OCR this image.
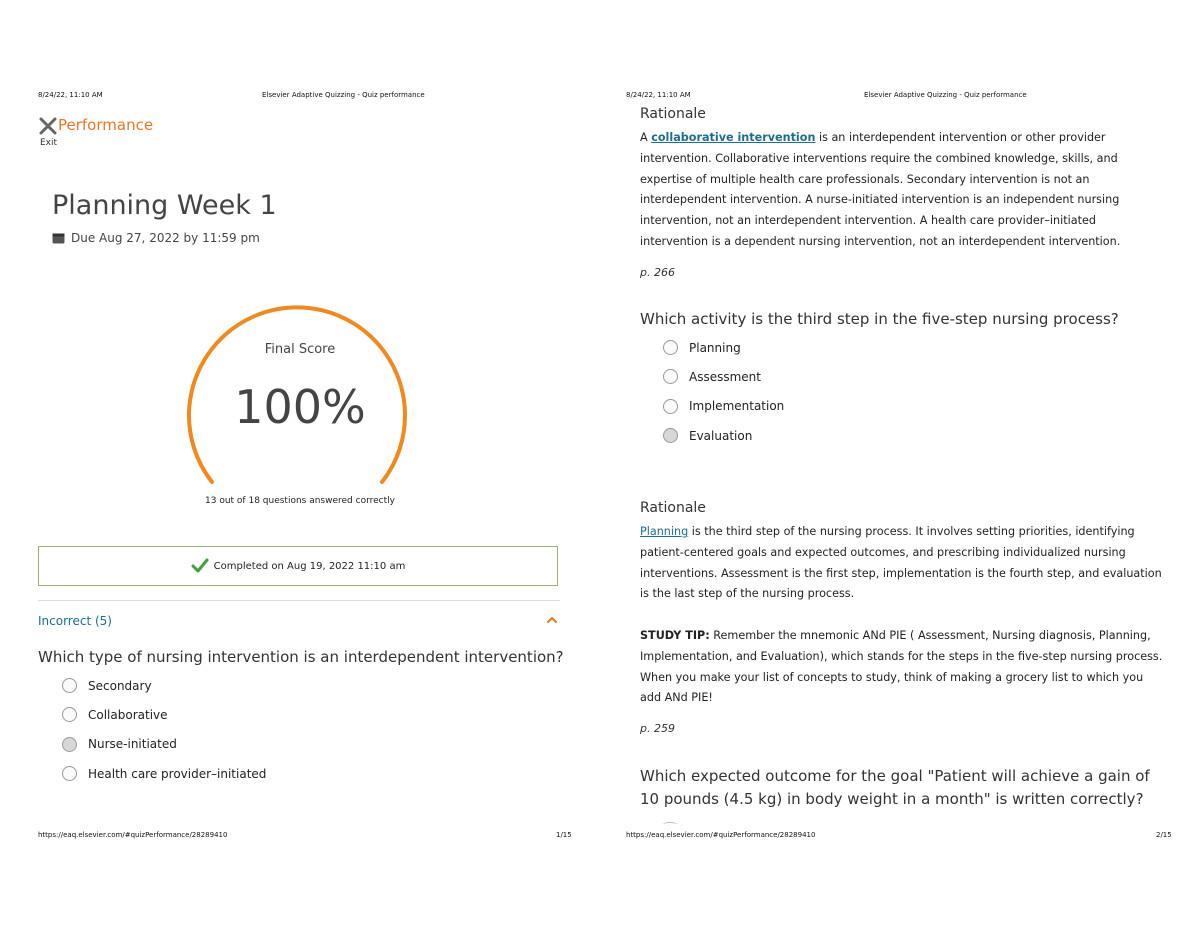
8/24/22, 11:10 AM	Elsevier Adaptive Quizzing - Quiz performance
Performance
Exit
Planning Week 1
Due Aug 27, 2022 by 11:59 pm
Final Score
100%
13 out of 18 questions answered correctly
Completed on Aug 19, 2022 11:10 am
Incorrect (5)
Which type of nursing intervention is an interdependent intervention?
Secondary
Collaborative
Nurse-initiated
Health care provider–initiated
https://eaq.elsevier.com/#quizPerformance/28289410	1/15
8/24/22, 11:10 AM	Elsevier Adaptive Quizzing - Quiz performance
Rationale

A collaborative intervention is an interdependent intervention or other provider intervention. Collaborative interventions require the combined knowledge, skills, and expertise of multiple health care professionals. Secondary intervention is not an interdependent intervention. A nurse-initiated intervention is an independent nursing intervention, not an interdependent intervention. A health care provider–initiated intervention is a dependent nursing intervention, not an interdependent intervention.

p. 266
Which activity is the third step in the five-step nursing process?
Planning
Assessment
Implementation
Evaluation
Rationale

Planning is the third step of the nursing process. It involves setting priorities, identifying patient-centered goals and expected outcomes, and prescribing individualized nursing interventions. Assessment is the first step, implementation is the fourth step, and evaluation is the last step of the nursing process.

STUDY TIP: Remember the mnemonic ANd PIE ( Assessment, Nursing diagnosis, Planning, Implementation, and Evaluation), which stands for the steps in the five-step nursing process. When you make your list of concepts to study, think of making a grocery list to which you add ANd PIE!

p. 259
Which expected outcome for the goal "Patient will achieve a gain of 10 pounds (4.5 kg) in body weight in a month" is written correctly?
https://eaq.elsevier.com/#quizPerformance/28289410	2/15
